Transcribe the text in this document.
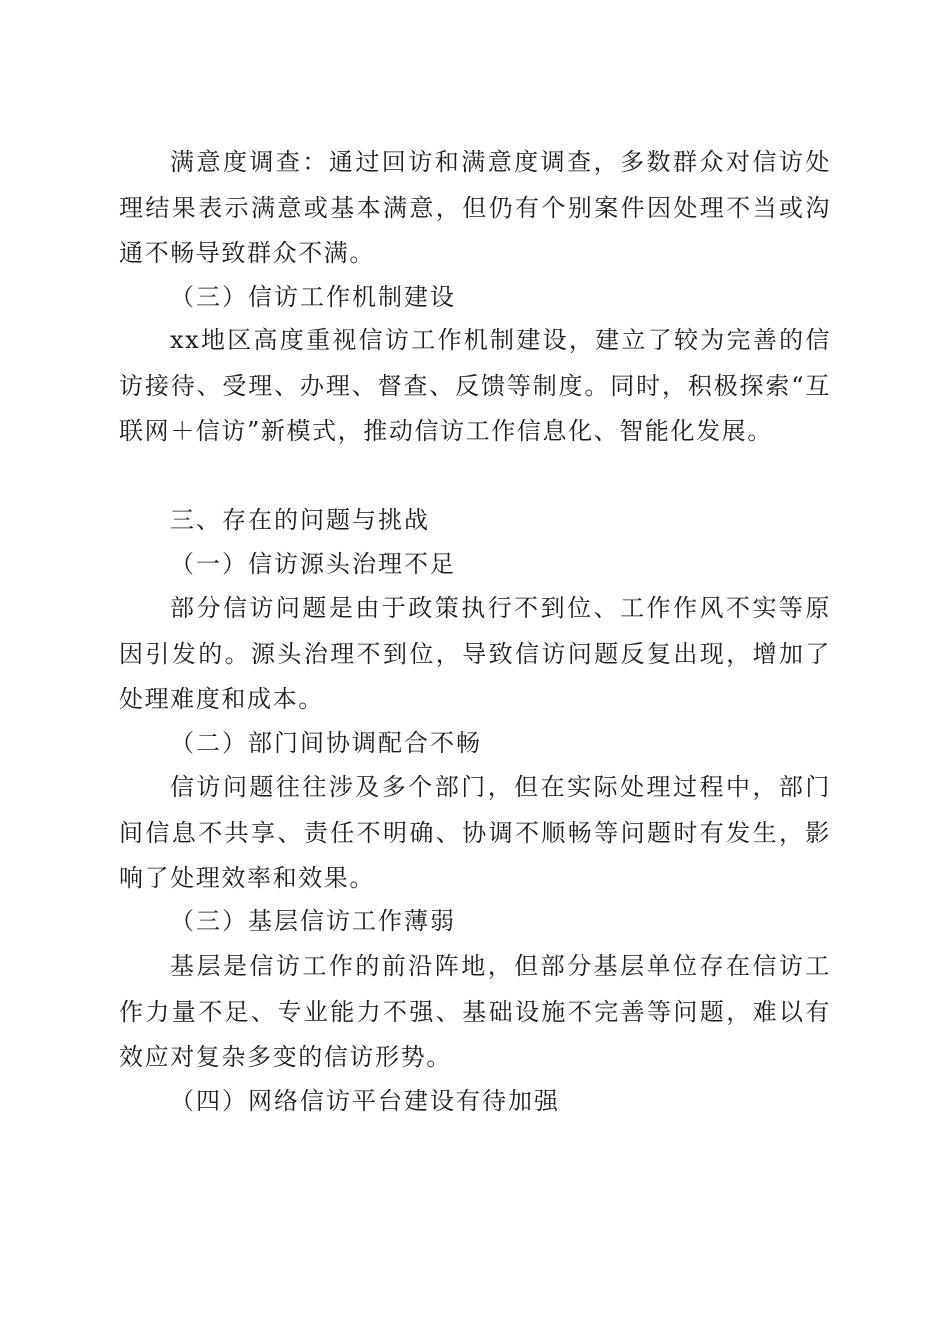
满意度调查：通过回访和满意度调查，多数群众对信访处理结果表示满意或基本满意，但仍有个别案件因处理不当或沟通不畅导致群众不满。

（三）信访工作机制建设

xx地区高度重视信访工作机制建设，建立了较为完善的信访接待、受理、办理、督查、反馈等制度。同时，积极探索“互联网＋信访”新模式，推动信访工作信息化、智能化发展。

三、存在的问题与挑战

（一）信访源头治理不足

部分信访问题是由于政策执行不到位、工作作风不实等原因引发的。源头治理不到位，导致信访问题反复出现，增加了处理难度和成本。

（二）部门间协调配合不畅

信访问题往往涉及多个部门，但在实际处理过程中，部门间信息不共享、责任不明确、协调不顺畅等问题时有发生，影响了处理效率和效果。

（三）基层信访工作薄弱

基层是信访工作的前沿阵地，但部分基层单位存在信访工作力量不足、专业能力不强、基础设施不完善等问题，难以有效应对复杂多变的信访形势。

（四）网络信访平台建设有待加强
